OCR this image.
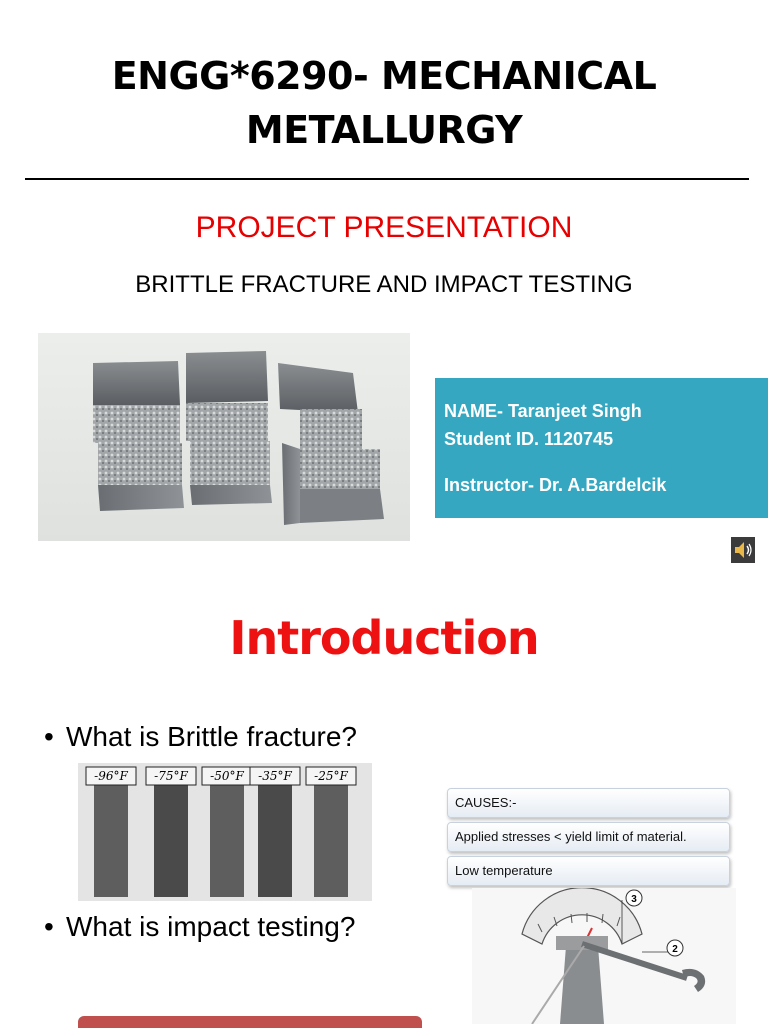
ENGG*6290- MECHANICAL
METALLURGY
PROJECT PRESENTATION
BRITTLE FRACTURE AND IMPACT TESTING
NAME- Taranjeet Singh
Student ID. 1120745
Instructor- Dr. A.Bardelcik
Introduction
• What is Brittle fracture?
-96°F -75°F -50°F -35°F -25°F
• What is impact testing?
CAUSES:-
Applied stresses < yield limit of material.
Low temperature
3
2
